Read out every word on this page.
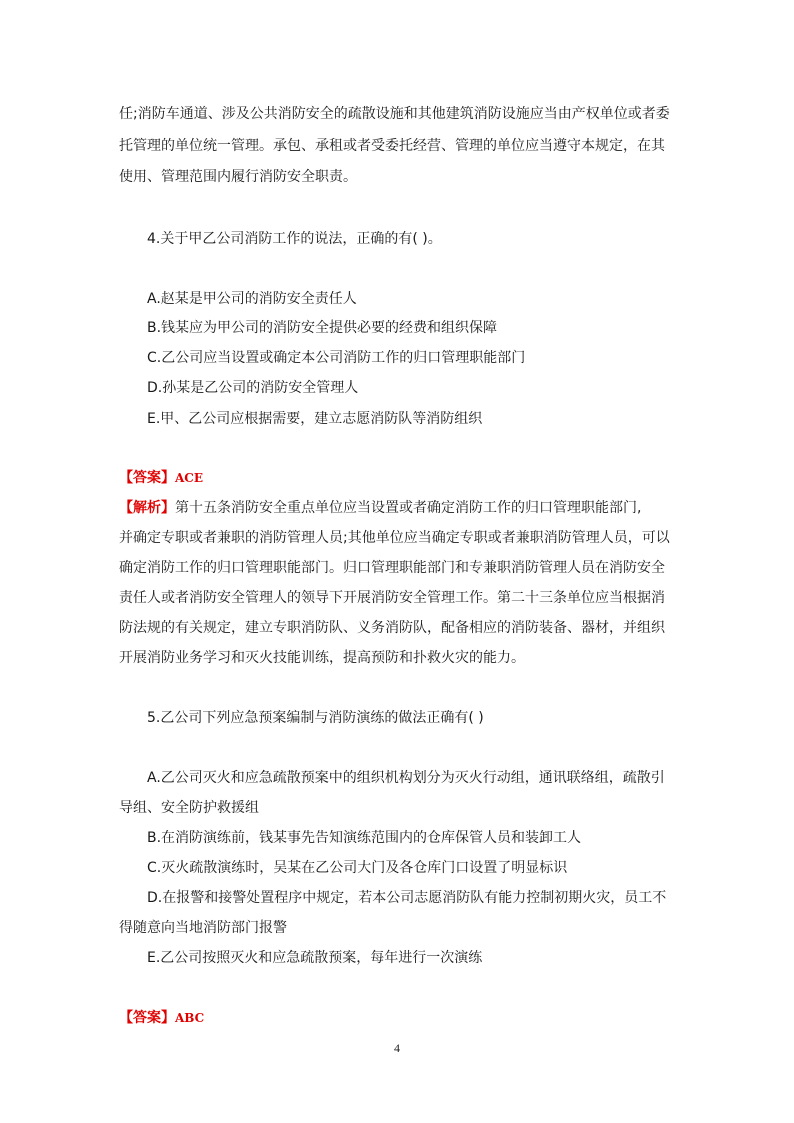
任;消防车通道、涉及公共消防安全的疏散设施和其他建筑消防设施应当由产权单位或者委
托管理的单位统一管理。承包、承租或者受委托经营、管理的单位应当遵守本规定，在其
使用、管理范围内履行消防安全职责。
4.关于甲乙公司消防工作的说法，正确的有( )。
A.赵某是甲公司的消防安全责任人
B.钱某应为甲公司的消防安全提供必要的经费和组织保障
C.乙公司应当设置或确定本公司消防工作的归口管理职能部门
D.孙某是乙公司的消防安全管理人
E.甲、乙公司应根据需要，建立志愿消防队等消防组织
【答案】ACE
【解析】第十五条消防安全重点单位应当设置或者确定消防工作的归口管理职能部门,
并确定专职或者兼职的消防管理人员;其他单位应当确定专职或者兼职消防管理人员，可以
确定消防工作的归口管理职能部门。归口管理职能部门和专兼职消防管理人员在消防安全
责任人或者消防安全管理人的领导下开展消防安全管理工作。第二十三条单位应当根据消
防法规的有关规定，建立专职消防队、义务消防队，配备相应的消防装备、器材，并组织
开展消防业务学习和灭火技能训练，提高预防和扑救火灾的能力。
5.乙公司下列应急预案编制与消防演练的做法正确有( )
A.乙公司灭火和应急疏散预案中的组织机构划分为灭火行动组，通讯联络组，疏散引
导组、安全防护救援组
B.在消防演练前，钱某事先告知演练范围内的仓库保管人员和装卸工人
C.灭火疏散演练时，吴某在乙公司大门及各仓库门口设置了明显标识
D.在报警和接警处置程序中规定，若本公司志愿消防队有能力控制初期火灾，员工不
得随意向当地消防部门报警
E.乙公司按照灭火和应急疏散预案，每年进行一次演练
【答案】ABC
4
